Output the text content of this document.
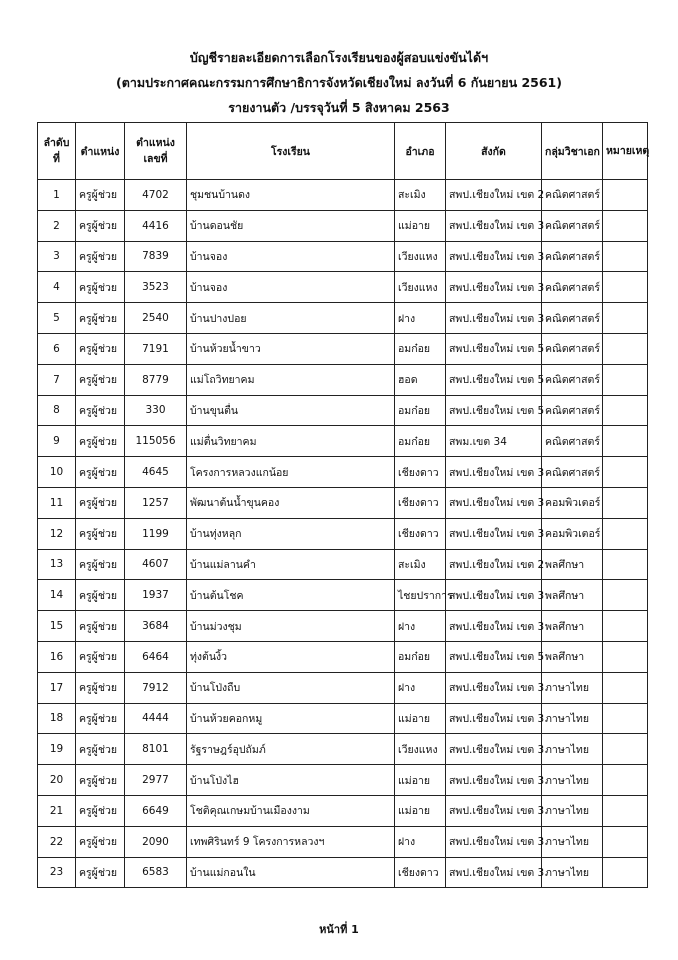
บัญชีรายละเอียดการเลือกโรงเรียนของผู้สอบแข่งขันได้ฯ
(ตามประกาศคณะกรรมการศึกษาธิการจังหวัดเชียงใหม่ ลงวันที่ 6 กันยายน 2561)
รายงานตัว /บรรจุวันที่ 5 สิงหาคม 2563
ลำดับที่	ตำแหน่ง	ตำแหน่งเลขที่	โรงเรียน	อำเภอ	สังกัด	กลุ่มวิชาเอก	หมายเหตุ
1	ครูผู้ช่วย	4702	ชุมชนบ้านดง	สะเมิง	สพป.เชียงใหม่ เขต 2	คณิตศาสตร์	
2	ครูผู้ช่วย	4416	บ้านดอนชัย	แม่อาย	สพป.เชียงใหม่ เขต 3	คณิตศาสตร์	
3	ครูผู้ช่วย	7839	บ้านจอง	เวียงแหง	สพป.เชียงใหม่ เขต 3	คณิตศาสตร์	
4	ครูผู้ช่วย	3523	บ้านจอง	เวียงแหง	สพป.เชียงใหม่ เขต 3	คณิตศาสตร์	
5	ครูผู้ช่วย	2540	บ้านปางปอย	ฝาง	สพป.เชียงใหม่ เขต 3	คณิตศาสตร์	
6	ครูผู้ช่วย	7191	บ้านห้วยน้ำขาว	อมก๋อย	สพป.เชียงใหม่ เขต 5	คณิตศาสตร์	
7	ครูผู้ช่วย	8779	แม่โถวิทยาคม	ฮอด	สพป.เชียงใหม่ เขต 5	คณิตศาสตร์	
8	ครูผู้ช่วย	330	บ้านขุนตื่น	อมก๋อย	สพป.เชียงใหม่ เขต 5	คณิตศาสตร์	
9	ครูผู้ช่วย	115056	แม่ตื่นวิทยาคม	อมก๋อย	สพม.เขต 34	คณิตศาสตร์	
10	ครูผู้ช่วย	4645	โครงการหลวงแกน้อย	เชียงดาว	สพป.เชียงใหม่ เขต 3	คณิตศาสตร์	
11	ครูผู้ช่วย	1257	พัฒนาต้นน้ำขุนคอง	เชียงดาว	สพป.เชียงใหม่ เขต 3	คอมพิวเตอร์	
12	ครูผู้ช่วย	1199	บ้านทุ่งหลุก	เชียงดาว	สพป.เชียงใหม่ เขต 3	คอมพิวเตอร์	
13	ครูผู้ช่วย	4607	บ้านแม่ลานคำ	สะเมิง	สพป.เชียงใหม่ เขต 2	พลศึกษา	
14	ครูผู้ช่วย	1937	บ้านต้นโชค	ไชยปราการ	สพป.เชียงใหม่ เขต 3	พลศึกษา	
15	ครูผู้ช่วย	3684	บ้านม่วงชุม	ฝาง	สพป.เชียงใหม่ เขต 3	พลศึกษา	
16	ครูผู้ช่วย	6464	ทุ่งต้นงิ้ว	อมก๋อย	สพป.เชียงใหม่ เขต 5	พลศึกษา	
17	ครูผู้ช่วย	7912	บ้านโป่งถืบ	ฝาง	สพป.เชียงใหม่ เขต 3	ภาษาไทย	
18	ครูผู้ช่วย	4444	บ้านห้วยคอกหมู	แม่อาย	สพป.เชียงใหม่ เขต 3	ภาษาไทย	
19	ครูผู้ช่วย	8101	รัฐราษฎร์อุปถัมภ์	เวียงแหง	สพป.เชียงใหม่ เขต 3	ภาษาไทย	
20	ครูผู้ช่วย	2977	บ้านโป่งไฮ	แม่อาย	สพป.เชียงใหม่ เขต 3	ภาษาไทย	
21	ครูผู้ช่วย	6649	โชติคุณเกษมบ้านเมืองงาม	แม่อาย	สพป.เชียงใหม่ เขต 3	ภาษาไทย	
22	ครูผู้ช่วย	2090	เทพศิรินทร์ 9 โครงการหลวงฯ	ฝาง	สพป.เชียงใหม่ เขต 3	ภาษาไทย	
23	ครูผู้ช่วย	6583	บ้านแม่กอนใน	เชียงดาว	สพป.เชียงใหม่ เขต 3	ภาษาไทย	
หน้าที่ 1
